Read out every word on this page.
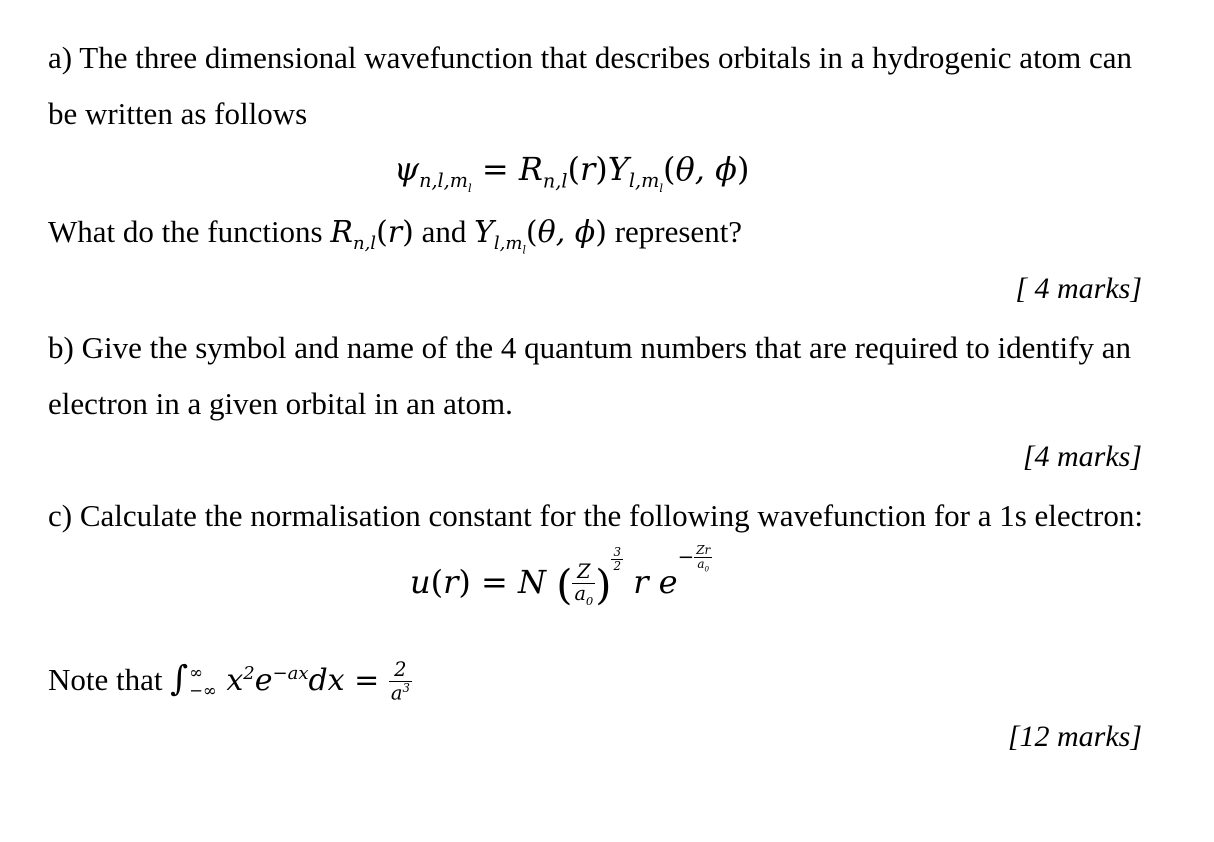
a) The three dimensional wavefunction that describes orbitals in a hydrogenic atom can
be written as follows
$\psi_{n,l,m_l} = R_{n,l}(r)Y_{l,m_l}(\theta$, ϕ)
What do the functions $R_{n,l}(r)$ and $Y_{l,m_l}(\theta$, ϕ) represent?
[ 4 marks]
b) Give the symbol and name of the 4 quantum numbers that are required to identify an
electron in a given orbital in an atom.
[4 marks]
c) Calculate the normalisation constant for the following wavefunction for a 1s electron:
u(r) = N ( $\frac{Z}{a_0}$ )
$\frac{3}{2}$
r $e- \frac{Zr}{a_0}$
Note that ∫ ∞
−∞ $x^2e^{-ax}dx = \frac{2}{a^3}$
[12 marks]
